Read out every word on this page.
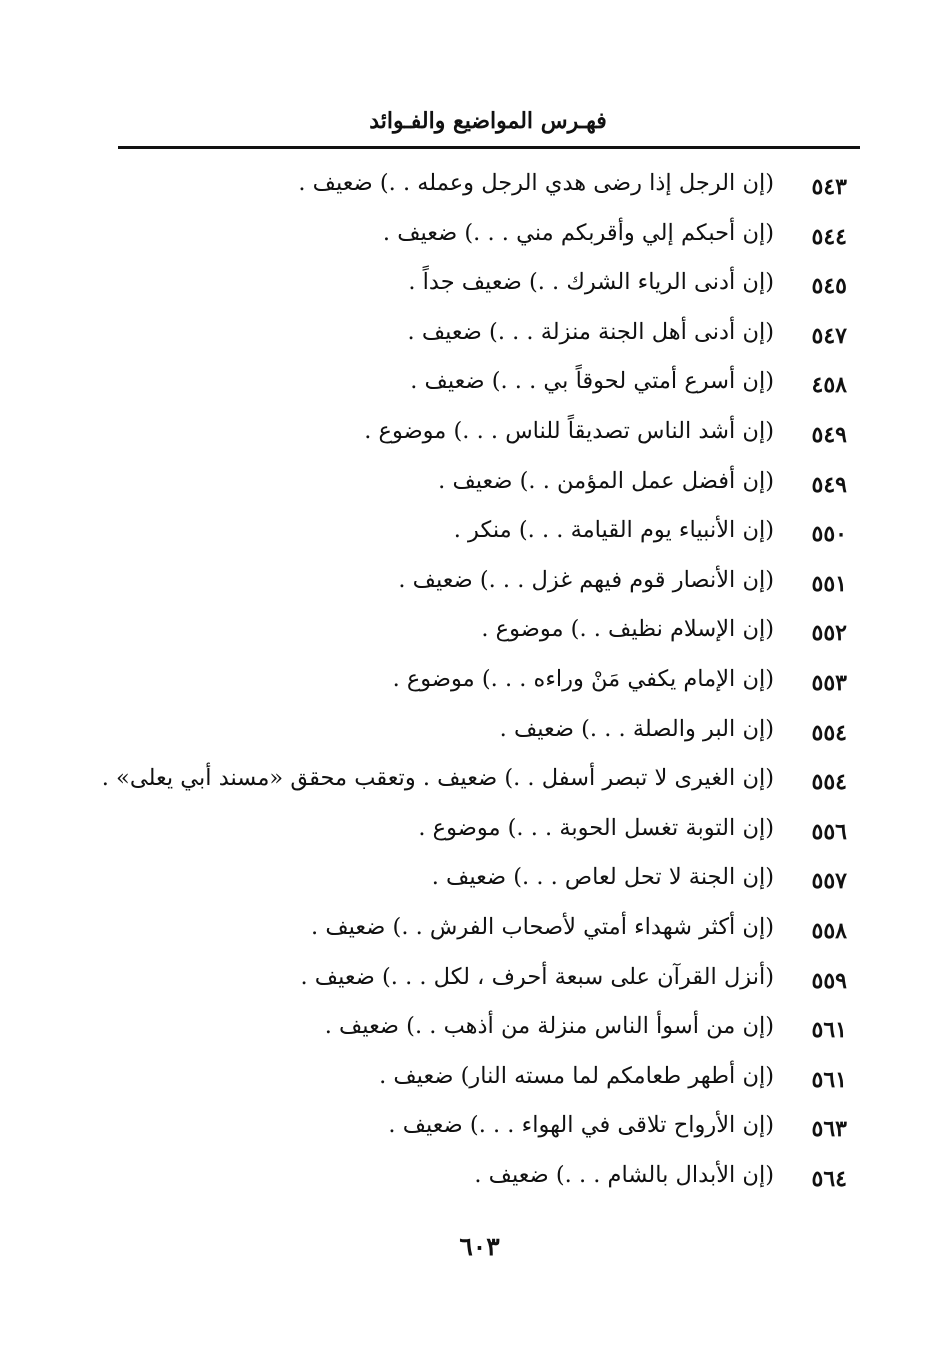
فهـرس المواضيع والفـوائد
٥٤٣
(إن الرجل إذا رضى هدي الرجل وعمله . .) ضعيف .
٥٤٤
(إن أحبكم إلي وأقربكم مني . . .) ضعيف .
٥٤٥
(إن أدنى الرياء الشرك . .) ضعيف جداً .
٥٤٧
(إن أدنى أهل الجنة منزلة . . .) ضعيف .
٤٥٨
(إن أسرع أمتي لحوقاً بي . . .) ضعيف .
٥٤٩
(إن أشد الناس تصديقاً للناس . . .) موضوع .
٥٤٩
(إن أفضل عمل المؤمن . .) ضعيف .
٥٥٠
(إن الأنبياء يوم القيامة . . .) منكر .
٥٥١
(إن الأنصار قوم فيهم غزل . . .) ضعيف .
٥٥٢
(إن الإسلام نظيف . .) موضوع .
٥٥٣
(إن الإمام يكفي مَنْ وراءه . . .) موضوع .
٥٥٤
(إن البر والصلة . . .) ضعيف .
٥٥٤
(إن الغيرى لا تبصر أسفل . .) ضعيف . وتعقب محقق «مسند أبي يعلى» .
٥٥٦
(إن التوبة تغسل الحوبة . . .) موضوع .
٥٥٧
(إن الجنة لا تحل لعاص . . .) ضعيف .
٥٥٨
(إن أكثر شهداء أمتي لأصحاب الفرش . .) ضعيف .
٥٥٩
(أنزل القرآن على سبعة أحرف ، لكل . . .) ضعيف .
٥٦١
(إن من أسوأ الناس منزلة من أذهب . .) ضعيف .
٥٦١
(إن أطهر طعامكم لما مسته النار) ضعيف .
٥٦٣
(إن الأرواح تلاقى في الهواء . . .) ضعيف .
٥٦٤
(إن الأبدال بالشام . . .) ضعيف .
٦٠٣
